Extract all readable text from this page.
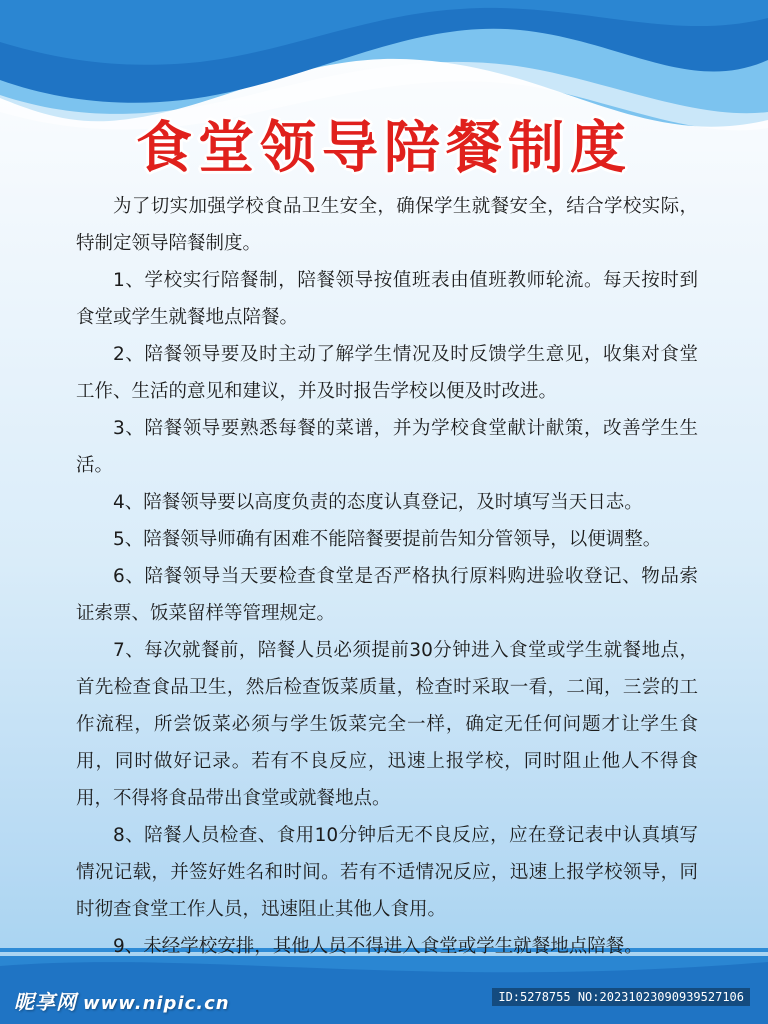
食堂领导陪餐制度

为了切实加强学校食品卫生安全，确保学生就餐安全，结合学校实际，特制定领导陪餐制度。

1、学校实行陪餐制，陪餐领导按值班表由值班教师轮流。每天按时到食堂或学生就餐地点陪餐。

2、陪餐领导要及时主动了解学生情况及时反馈学生意见，收集对食堂工作、生活的意见和建议，并及时报告学校以便及时改进。

3、陪餐领导要熟悉每餐的菜谱，并为学校食堂献计献策，改善学生生活。

4、陪餐领导要以高度负责的态度认真登记，及时填写当天日志。

5、陪餐领导师确有困难不能陪餐要提前告知分管领导，以便调整。

6、陪餐领导当天要检查食堂是否严格执行原料购进验收登记、物品索证索票、饭菜留样等管理规定。

7、每次就餐前，陪餐人员必须提前30分钟进入食堂或学生就餐地点，首先检查食品卫生，然后检查饭菜质量，检查时采取一看，二闻，三尝的工作流程，所尝饭菜必须与学生饭菜完全一样，确定无任何问题才让学生食用，同时做好记录。若有不良反应，迅速上报学校，同时阻止他人不得食用，不得将食品带出食堂或就餐地点。

8、陪餐人员检查、食用10分钟后无不良反应，应在登记表中认真填写情况记载，并签好姓名和时间。若有不适情况反应，迅速上报学校领导，同时彻查食堂工作人员，迅速阻止其他人食用。

9、未经学校安排，其他人员不得进入食堂或学生就餐地点陪餐。

昵享网 www.nipic.cn	ID:5278755 NO:20231023090939527106
